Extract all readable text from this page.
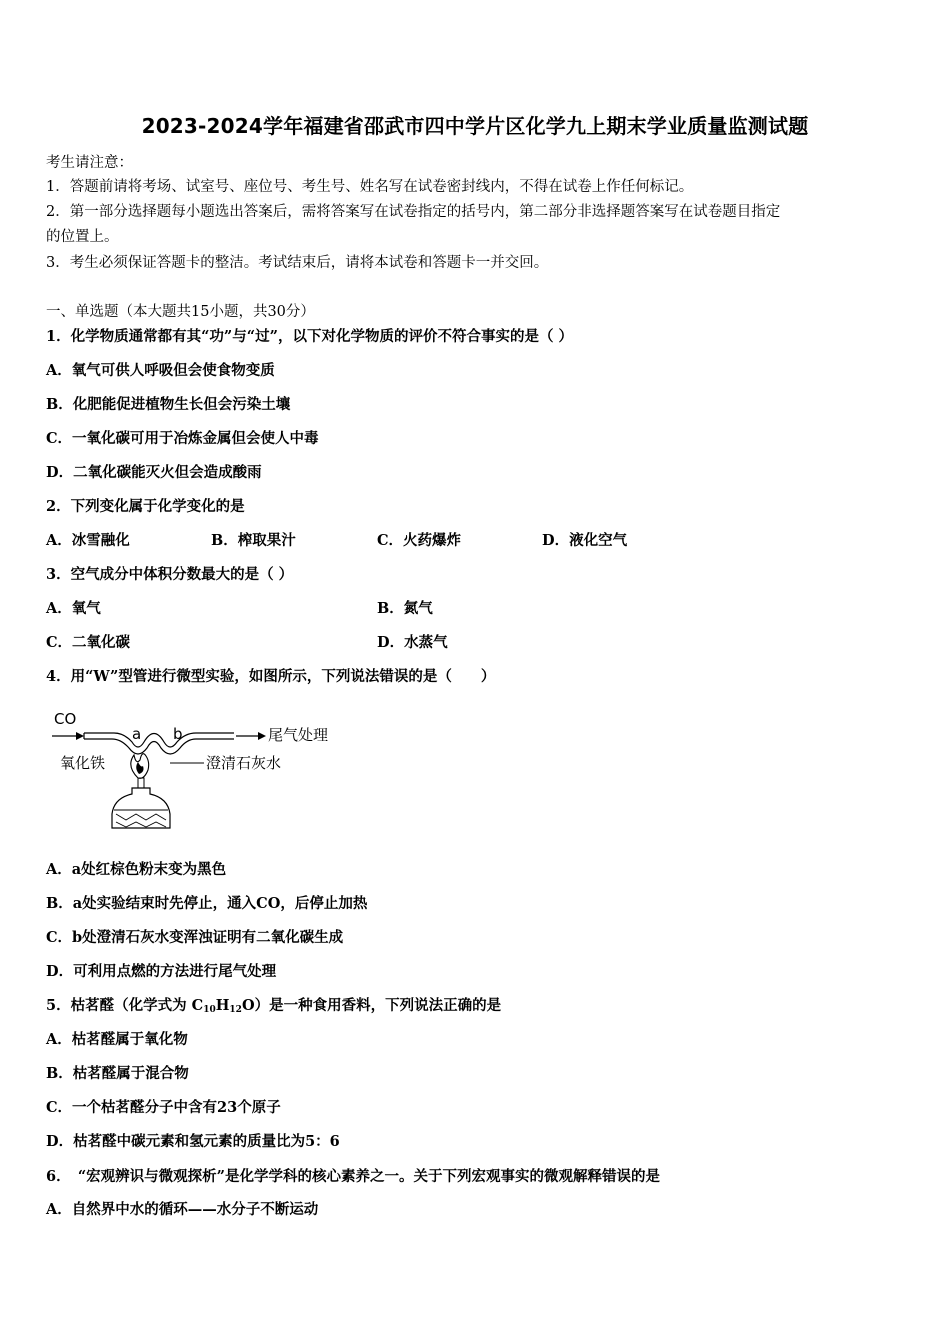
2023-2024学年福建省邵武市四中学片区化学九上期末学业质量监测试题
考生请注意：
1．答题前请将考场、试室号、座位号、考生号、姓名写在试卷密封线内，不得在试卷上作任何标记。
2．第一部分选择题每小题选出答案后，需将答案写在试卷指定的括号内，第二部分非选择题答案写在试卷题目指定
的位置上。
3．考生必须保证答题卡的整洁。考试结束后，请将本试卷和答题卡一并交回。
一、单选题（本大题共15小题，共30分）
1．化学物质通常都有其“功”与“过”，以下对化学物质的评价不符合事实的是（ ）
A．氧气可供人呼吸但会使食物变质
B．化肥能促进植物生长但会污染土壤
C．一氧化碳可用于冶炼金属但会使人中毒
D．二氧化碳能灭火但会造成酸雨
2．下列变化属于化学变化的是
A．冰雪融化	B．榨取果汁	C．火药爆炸	D．液化空气
3．空气成分中体积分数最大的是（ ）
A．氧气	B．氮气
C．二氧化碳	D．水蒸气
4．用“W”型管进行微型实验，如图所示，下列说法错误的是（　　）
CO
a b	尾气处理
氧化铁	澄清石灰水
A．a处红棕色粉末变为黑色
B．a处实验结束时先停止，通入CO，后停止加热
C．b处澄清石灰水变浑浊证明有二氧化碳生成
D．可利用点燃的方法进行尾气处理
5．枯茗醛（化学式为 $C_{10}H_{12}O$）是一种食用香料，下列说法正确的是
A．枯茗醛属于氧化物
B．枯茗醛属于混合物
C．一个枯茗醛分子中含有23个原子
D．枯茗醛中碳元素和氢元素的质量比为5：6
6．　“宏观辨识与微观探析”是化学学科的核心素养之一。关于下列宏观事实的微观解释错误的是
A．自然界中水的循环——水分子不断运动
